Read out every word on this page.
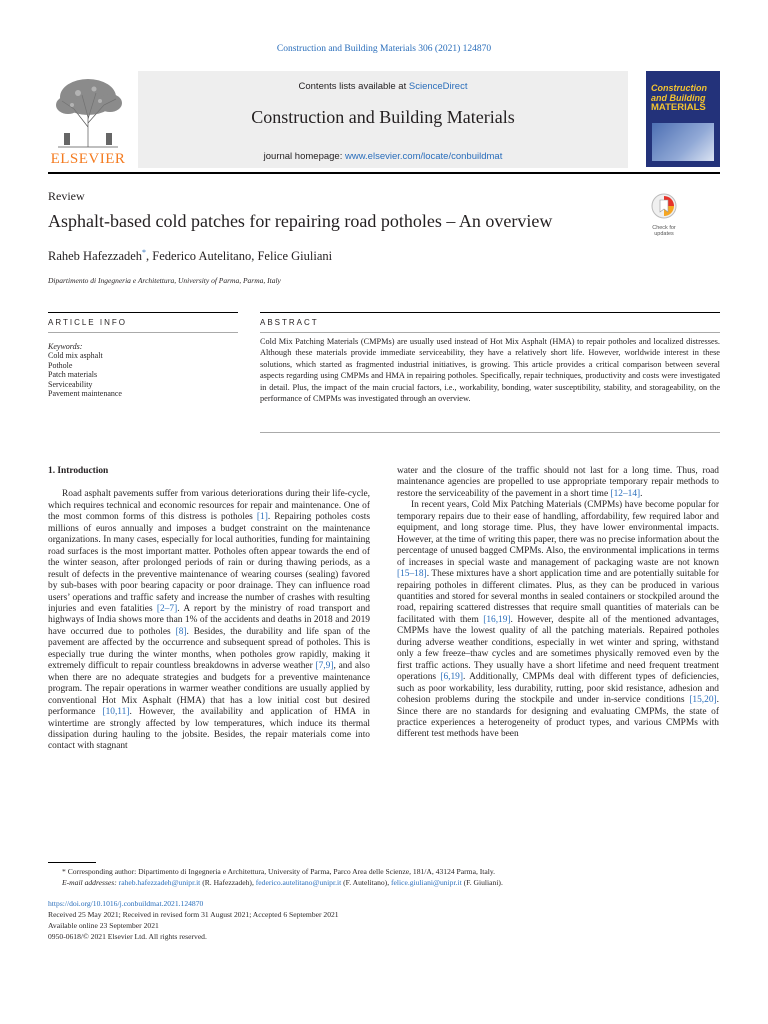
Construction and Building Materials 306 (2021) 124870
ELSEVIER
Contents lists available at ScienceDirect
Construction and Building Materials
journal homepage: www.elsevier.com/locate/conbuildmat
Construction
and Building
MATERIALS
Review
Asphalt-based cold patches for repairing road potholes – An overview	Check for updates
Raheb Hafezzadeh*, Federico Autelitano, Felice Giuliani
Dipartimento di Ingegneria e Architettura, University of Parma, Parma, Italy
ARTICLE INFO	ABSTRACT
Keywords:
Cold mix asphalt
Pothole
Patch materials
Serviceability
Pavement maintenance
Cold Mix Patching Materials (CMPMs) are usually used instead of Hot Mix Asphalt (HMA) to repair potholes and localized distresses. Although these materials provide immediate serviceability, they have a relatively short life. However, worldwide interest in these solutions, which started as fragmented industrial initiatives, is growing. This article provides a critical comparison between several aspects regarding using CMPMs and HMA in repairing potholes. Specifically, repair techniques, productivity and costs were investigated in detail. Plus, the impact of the main crucial factors, i.e., workability, bonding, water susceptibility, stability, and storageability, on the performance of CMPMs was investigated through an overview.
1. Introduction

Road asphalt pavements suffer from various deteriorations during their life-cycle, which requires technical and economic resources for repair and maintenance. One of the most common forms of this distress is potholes [1]. Repairing potholes costs millions of euros annually and imposes a budget constraint on the maintenance organizations. In many cases, especially for local authorities, funding for maintaining road surfaces is the most important matter. Potholes often appear towards the end of the winter season, after prolonged periods of rain or during thawing periods, as a result of defects in the preventive maintenance of wearing courses (sealing) favored by sub-bases with poor bearing capacity or poor drainage. They can influence road users’ operations and traffic safety and increase the number of crashes with resulting injuries and even fatalities [2–7]. A report by the ministry of road transport and highways of India shows more than 1% of the accidents and deaths in 2018 and 2019 have occurred due to potholes [8]. Besides, the durability and life span of the pavement are affected by the occurrence and subsequent spread of potholes. This is especially true during the winter months, when potholes grow rapidly, making it extremely difficult to repair countless breakdowns in adverse weather [7,9], and also when there are no adequate strategies and budgets for a preventive maintenance program. The repair operations in warmer weather conditions are usually applied by conventional Hot Mix Asphalt (HMA) that has a low initial cost but desired performance [10,11]. However, the availability and application of HMA in wintertime are strongly affected by low temperatures, which induce its thermal dissipation during hauling to the jobsite. Besides, the repair materials come into contact with stagnant

water and the closure of the traffic should not last for a long time. Thus, road maintenance agencies are propelled to use appropriate temporary repair methods to restore the serviceability of the pavement in a short time [12–14].

In recent years, Cold Mix Patching Materials (CMPMs) have become popular for temporary repairs due to their ease of handling, affordability, few required labor and equipment, and long storage time. Plus, they have lower environmental impacts. However, at the time of writing this paper, there was no precise information about the percentage of unused bagged CMPMs. Also, the environmental implications in terms of increases in special waste and management of packaging waste are not known [15–18]. These mixtures have a short application time and are potentially suitable for repairing potholes in different climates. Plus, as they can be produced in various quantities and stored for several months in sealed containers or stockpiled around the road, repairing scattered distresses that require small quantities of materials can be facilitated with them [16,19]. However, despite all of the mentioned advantages, CMPMs have the lowest quality of all the patching materials. Repaired potholes during adverse weather conditions, especially in wet winter and spring, withstand only a few freeze–thaw cycles and are sometimes physically removed even by the first traffic actions. They usually have a short lifetime and need frequent treatment operations [6,19]. Additionally, CMPMs deal with different types of deficiencies, such as poor workability, less durability, rutting, poor skid resistance, adhesion and cohesion problems during the stockpile and under in-service conditions [15,20]. Since there are no standards for designing and evaluating CMPMs, the state of practice experiences a heterogeneity of product types, and various CMPMs with different test methods have been

* Corresponding author: Dipartimento di Ingegneria e Architettura, University of Parma, Parco Area delle Scienze, 181/A, 43124 Parma, Italy.
E-mail addresses: raheb.hafezzadeh@unipr.it (R. Hafezzadeh), federico.autelitano@unipr.it (F. Autelitano), felice.giuliani@unipr.it (F. Giuliani).
https://doi.org/10.1016/j.conbuildmat.2021.124870
Received 25 May 2021; Received in revised form 31 August 2021; Accepted 6 September 2021
Available online 23 September 2021
0950-0618/© 2021 Elsevier Ltd. All rights reserved.
